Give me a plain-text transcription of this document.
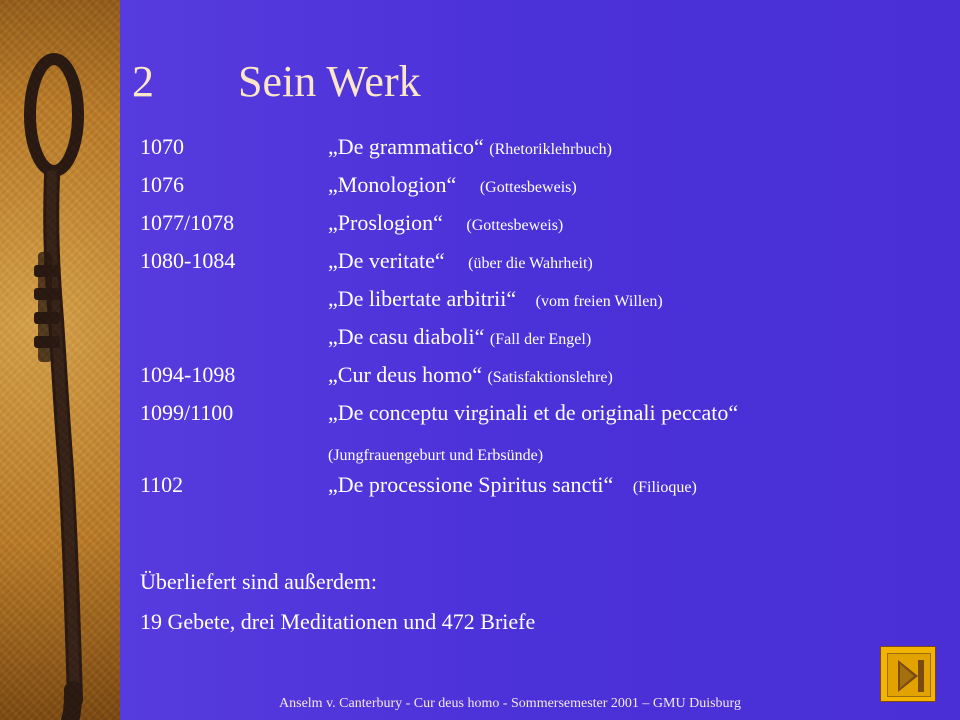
2 Sein Werk
1070	„De grammatico“ (Rhetoriklehrbuch)
1076	„Monologion“ (Gottesbeweis)
1077/1078	„Proslogion“ (Gottesbeweis)
1080-1084	„De veritate“ (über die Wahrheit)
„De libertate arbitrii“ (vom freien Willen)
„De casu diaboli“ (Fall der Engel)
1094-1098	„Cur deus homo“ (Satisfaktionslehre)
1099/1100	„De conceptu virginali et de originali peccato“
(Jungfrauengeburt und Erbsünde)
1102	„De processione Spiritus sancti“ (Filioque)
Überliefert sind außerdem:
19 Gebete, drei Meditationen und 472 Briefe
Anselm v. Canterbury - Cur deus homo - Sommersemester 2001 – GMU Duisburg
